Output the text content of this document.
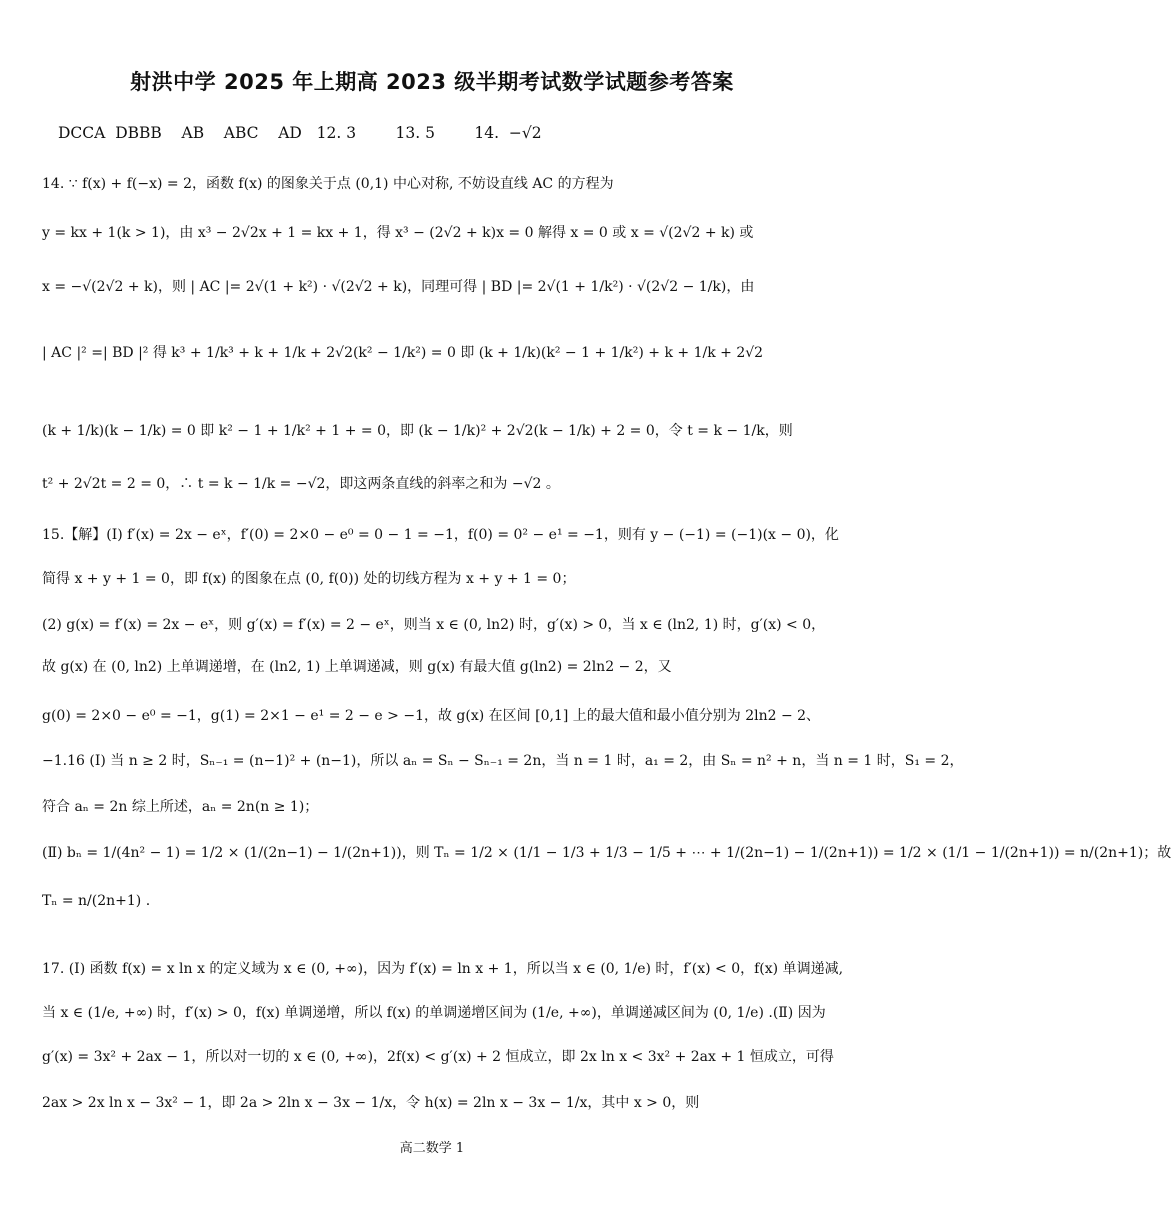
射洪中学 2025 年上期高 2023 级半期考试数学试题参考答案
DCCA  DBBB    AB    ABC    AD   12. 3        13. 5        14.  −√2
14. ∵ f(x) + f(−x) = 2，函数 f(x) 的图象关于点 (0,1) 中心对称, 不妨设直线 AC 的方程为
y = kx + 1(k > 1)，由 x³ − 2√2x + 1 = kx + 1，得 x³ − (2√2 + k)x = 0 解得 x = 0 或 x = √(2√2 + k) 或
x = −√(2√2 + k)，则 | AC |= 2√(1 + k²) · √(2√2 + k)，同理可得 | BD |= 2√(1 + 1/k²) · √(2√2 − 1/k)，由
| AC |² =| BD |² 得 k³ + 1/k³ + k + 1/k + 2√2(k² − 1/k²) = 0 即 (k + 1/k)(k² − 1 + 1/k²) + k + 1/k + 2√2
(k + 1/k)(k − 1/k) = 0 即 k² − 1 + 1/k² + 1 + = 0，即 (k − 1/k)² + 2√2(k − 1/k) + 2 = 0，令 t = k − 1/k，则
t² + 2√2t = 2 = 0，∴ t = k − 1/k = −√2，即这两条直线的斜率之和为 −√2 。
15.【解】(Ⅰ) f′(x) = 2x − eˣ，f′(0) = 2×0 − e⁰ = 0 − 1 = −1，f(0) = 0² − e¹ = −1，则有 y − (−1) = (−1)(x − 0)，化
简得 x + y + 1 = 0，即 f(x) 的图象在点 (0, f(0)) 处的切线方程为 x + y + 1 = 0；
(2) g(x) = f′(x) = 2x − eˣ，则 g′(x) = f′(x) = 2 − eˣ，则当 x ∈ (0, ln2) 时，g′(x) > 0，当 x ∈ (ln2, 1) 时，g′(x) < 0，
故 g(x) 在 (0, ln2) 上单调递增，在 (ln2, 1) 上单调递减，则 g(x) 有最大值 g(ln2) = 2ln2 − 2，又
g(0) = 2×0 − e⁰ = −1，g(1) = 2×1 − e¹ = 2 − e > −1，故 g(x) 在区间 [0,1] 上的最大值和最小值分别为 2ln2 − 2、
−1.16 (Ⅰ) 当 n ≥ 2 时，Sₙ₋₁ = (n−1)² + (n−1)，所以 aₙ = Sₙ − Sₙ₋₁ = 2n，当 n = 1 时，a₁ = 2，由 Sₙ = n² + n，当 n = 1 时，S₁ = 2，
符合 aₙ = 2n 综上所述，aₙ = 2n(n ≥ 1)；
(Ⅱ) bₙ = 1/(4n² − 1) = 1/2 × (1/(2n−1) − 1/(2n+1))，则 Tₙ = 1/2 × (1/1 − 1/3 + 1/3 − 1/5 + ⋯ + 1/(2n−1) − 1/(2n+1)) = 1/2 × (1/1 − 1/(2n+1)) = n/(2n+1)；故
Tₙ = n/(2n+1) .
17. (Ⅰ) 函数 f(x) = x ln x 的定义域为 x ∈ (0, +∞)，因为 f′(x) = ln x + 1，所以当 x ∈ (0, 1/e) 时，f′(x) < 0，f(x) 单调递减,
当 x ∈ (1/e, +∞) 时，f′(x) > 0，f(x) 单调递增，所以 f(x) 的单调递增区间为 (1/e, +∞)，单调递减区间为 (0, 1/e) .(Ⅱ) 因为
g′(x) = 3x² + 2ax − 1，所以对一切的 x ∈ (0, +∞)，2f(x) < g′(x) + 2 恒成立，即 2x ln x < 3x² + 2ax + 1 恒成立，可得
2ax > 2x ln x − 3x² − 1，即 2a > 2ln x − 3x − 1/x，令 h(x) = 2ln x − 3x − 1/x，其中 x > 0，则
高二数学 1
